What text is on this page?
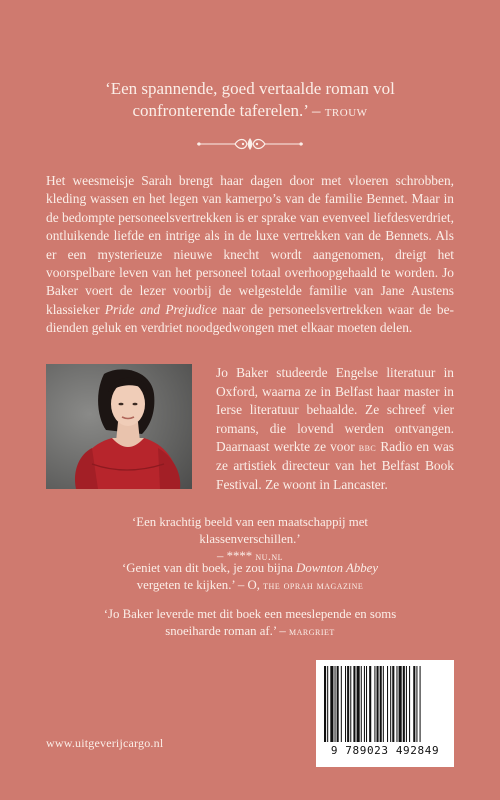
‘Een spannende, goed vertaalde roman vol confronterende taferelen.’ – trouw
Het weesmeisje Sarah brengt haar dagen door met vloeren schrobben, kleding wassen en het legen van kamerpo’s van de familie Bennet. Maar in de bedompte personeelsvertrekken is er sprake van evenveel liefdesverdriet, ontluikende liefde en intrige als in de luxe vertrekken van de Bennets. Als er een mysterieuze nieuwe knecht wordt aangenomen, dreigt het voorspelbare leven van het personeel totaal overhoopgehaald te worden. Jo Baker voert de lezer voorbij de welgestelde familie van Jane Austens klassieker Pride and Prejudice naar de personeelsvertrekken waar de bedienden geluk en verdriet noodgedwongen met elkaar moeten delen.
Jo Baker studeerde Engelse literatuur in Oxford, waarna ze in Belfast haar master in Ierse literatuur behaalde. Ze schreef vier romans, die lovend werden ontvangen. Daarnaast werkte ze voor bbc Radio en was ze artistiek directeur van het Belfast Book Festival. Ze woont in Lancaster.
‘Een krachtig beeld van een maatschappij met klassenverschillen.’
– **** nu.nl
‘Geniet van dit boek, je zou bijna Downton Abbey
vergeten te kijken.’ – O, the oprah magazine
‘Jo Baker leverde met dit boek een meeslepende en soms snoeiharde roman af.’ – margriet
www.uitgeverijcargo.nl
9 789023 492849
